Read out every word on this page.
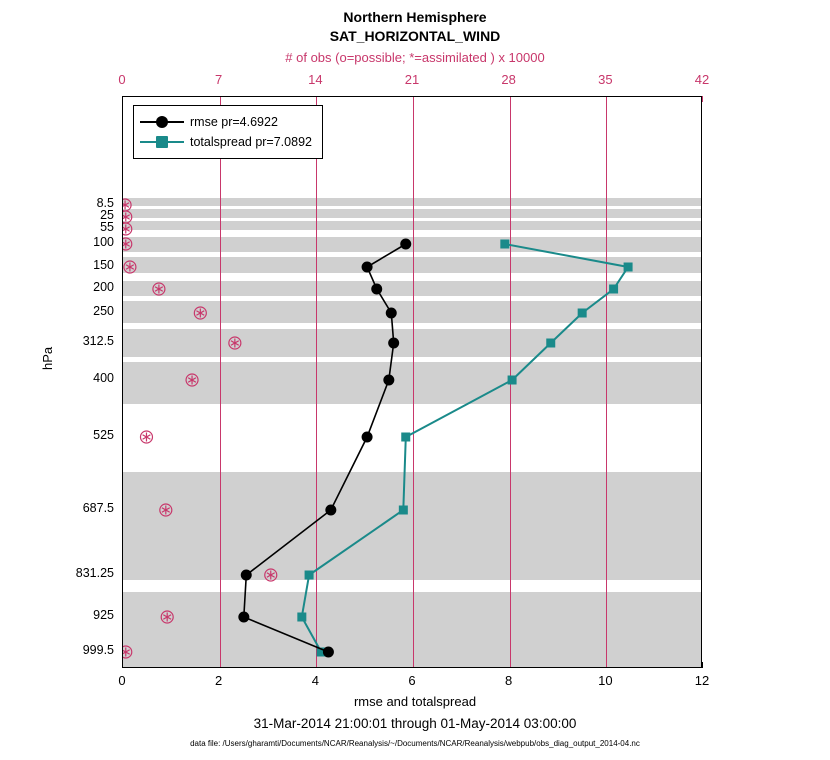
Northern Hemisphere
SAT_HORIZONTAL_WIND
# of obs (o=possible; *=assimilated ) x 10000
hPa
rmse and totalspread
31-Mar-2014 21:00:01 through 01-May-2014 03:00:00
data file: /Users/gharamti/Documents/NCAR/Reanalysis/~/Documents/NCAR/Reanalysis/webpub/obs_diag_output_2014-04.nc
0	7	14	21	28	35	42
0	2	4	6	8	10	12
8.5
25
55
100
150
200
250
312.5
400
525
687.5
831.25
925
999.5
rmse pr=4.6922
totalspread pr=7.0892
